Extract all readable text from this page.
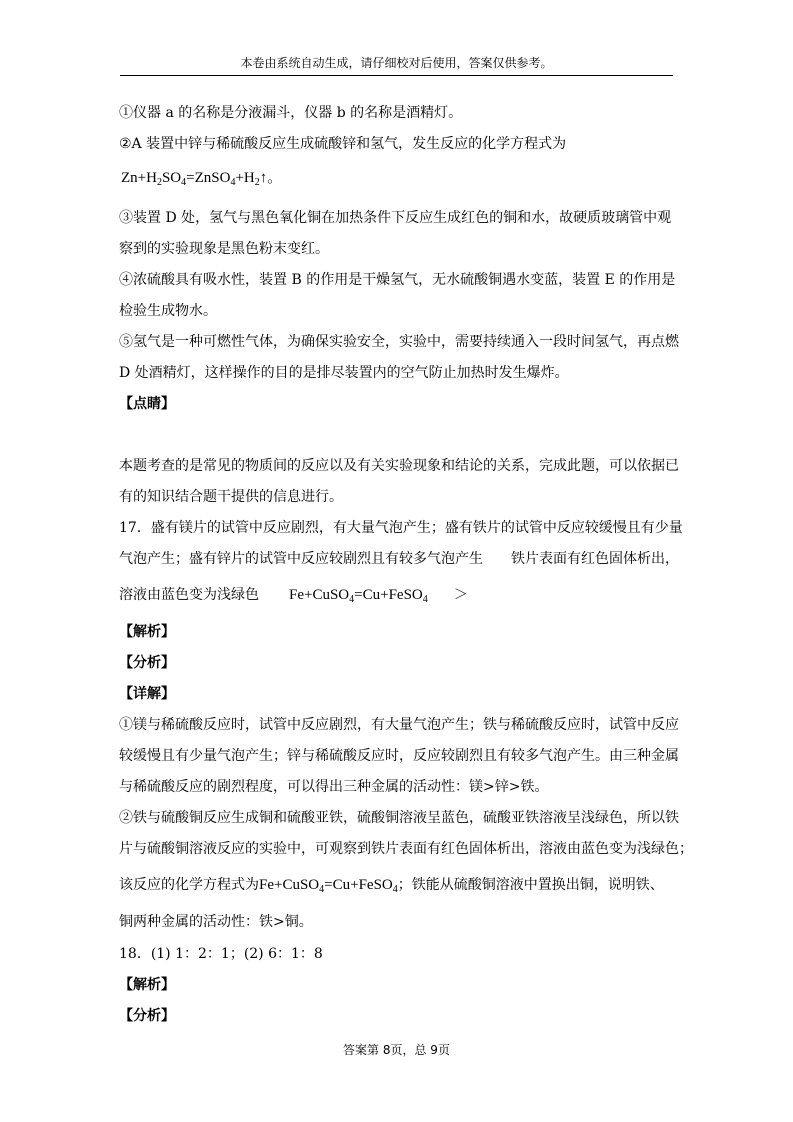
本卷由系统自动生成，请仔细校对后使用，答案仅供参考。
①仪器 a 的名称是分液漏斗，仪器 b 的名称是酒精灯。
②A 装置中锌与稀硫酸反应生成硫酸锌和氢气，发生反应的化学方程式为
$Zn+H_2SO_4=ZnSO_4+H_2↑$。
③装置 D 处，氢气与黑色氧化铜在加热条件下反应生成红色的铜和水，故硬质玻璃管中观
察到的实验现象是黑色粉末变红。
④浓硫酸具有吸水性，装置 B 的作用是干燥氢气，无水硫酸铜遇水变蓝，装置 E 的作用是
检验生成物水。
⑤氢气是一种可燃性气体，为确保实验安全，实验中，需要持续通入一段时间氢气，再点燃
D 处酒精灯，这样操作的目的是排尽装置内的空气防止加热时发生爆炸。
【点睛】
本题考查的是常见的物质间的反应以及有关实验现象和结论的关系，完成此题，可以依据已
有的知识结合题干提供的信息进行。
17．盛有镁片的试管中反应剧烈，有大量气泡产生；盛有铁片的试管中反应较缓慢且有少量
气泡产生；盛有锌片的试管中反应较剧烈且有较多气泡产生 铁片表面有红色固体析出，
溶液由蓝色变为浅绿色 Fe+CuSO$_4$=Cu+FeSO$_4$ ＞
【解析】
【分析】
【详解】
①镁与稀硫酸反应时，试管中反应剧烈，有大量气泡产生；铁与稀硫酸反应时，试管中反应
较缓慢且有少量气泡产生；锌与稀硫酸反应时，反应较剧烈且有较多气泡产生。由三种金属
与稀硫酸反应的剧烈程度，可以得出三种金属的活动性：镁>锌>铁。
②铁与硫酸铜反应生成铜和硫酸亚铁，硫酸铜溶液呈蓝色，硫酸亚铁溶液呈浅绿色，所以铁
片与硫酸铜溶液反应的实验中，可观察到铁片表面有红色固体析出，溶液由蓝色变为浅绿色；
该反应的化学方程式为Fe+CuSO$_4$=Cu+FeSO$_4$；铁能从硫酸铜溶液中置换出铜，说明铁、
铜两种金属的活动性：铁>铜。
18．(1) 1：2：1；(2) 6：1：8
【解析】
【分析】
答案第 8页，总 9页
